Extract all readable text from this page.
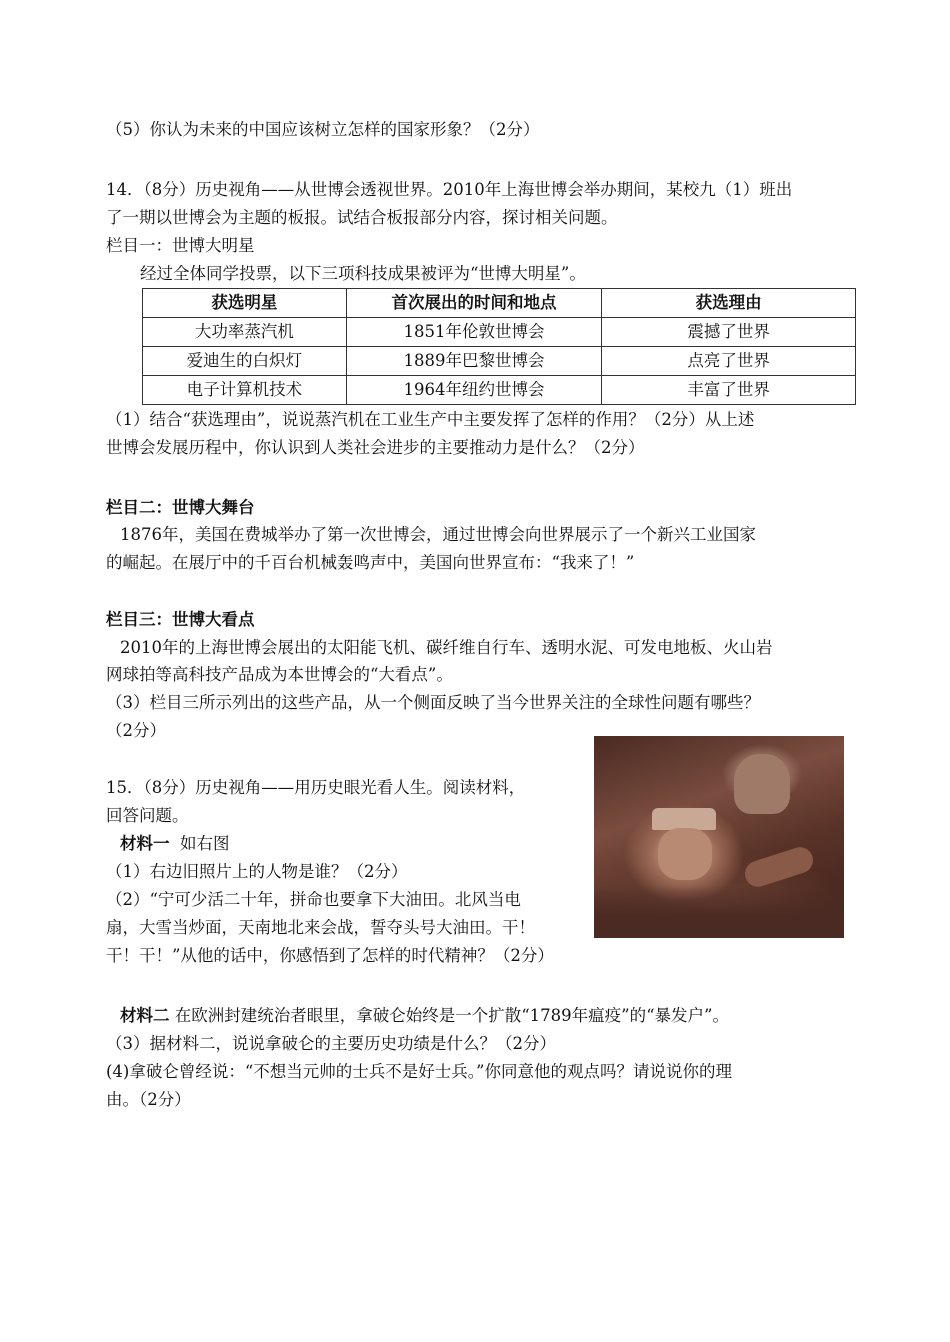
（5）你认为未来的中国应该树立怎样的国家形象？（2分）
14．（8分）历史视角——从世博会透视世界。2010年上海世博会举办期间，某校九（1）班出
了一期以世博会为主题的板报。试结合板报部分内容，探讨相关问题。
栏目一：世博大明星
经过全体同学投票，以下三项科技成果被评为“世博大明星”。
获选明星	首次展出的时间和地点	获选理由
大功率蒸汽机	1851年伦敦世博会	震撼了世界
爱迪生的白炽灯	1889年巴黎世博会	点亮了世界
电子计算机技术	1964年纽约世博会	丰富了世界
（1）结合“获选理由”，说说蒸汽机在工业生产中主要发挥了怎样的作用？（2分）从上述
世博会发展历程中，你认识到人类社会进步的主要推动力是什么？（2分）
栏目二：世博大舞台
1876年，美国在费城举办了第一次世博会，通过世博会向世界展示了一个新兴工业国家
的崛起。在展厅中的千百台机械轰鸣声中，美国向世界宣布：“我来了！”
栏目三：世博大看点
2010年的上海世博会展出的太阳能飞机、碳纤维自行车、透明水泥、可发电地板、火山岩
网球拍等高科技产品成为本世博会的“大看点”。
（3）栏目三所示列出的这些产品，从一个侧面反映了当今世界关注的全球性问题有哪些？
（2分）
15．（8分）历史视角——用历史眼光看人生。阅读材料，
回答问题。
材料一 如右图
（1）右边旧照片上的人物是谁？（2分）
（2）“宁可少活二十年，拼命也要拿下大油田。北风当电
扇，大雪当炒面，天南地北来会战，誓夺头号大油田。干！
干！干！”从他的话中，你感悟到了怎样的时代精神？（2分）
材料二 在欧洲封建统治者眼里，拿破仑始终是一个扩散“1789年瘟疫”的“暴发户”。
（3）据材料二，说说拿破仑的主要历史功绩是什么？（2分）
(4)拿破仑曾经说：“不想当元帅的士兵不是好士兵。”你同意他的观点吗？请说说你的理
由。（2分）
